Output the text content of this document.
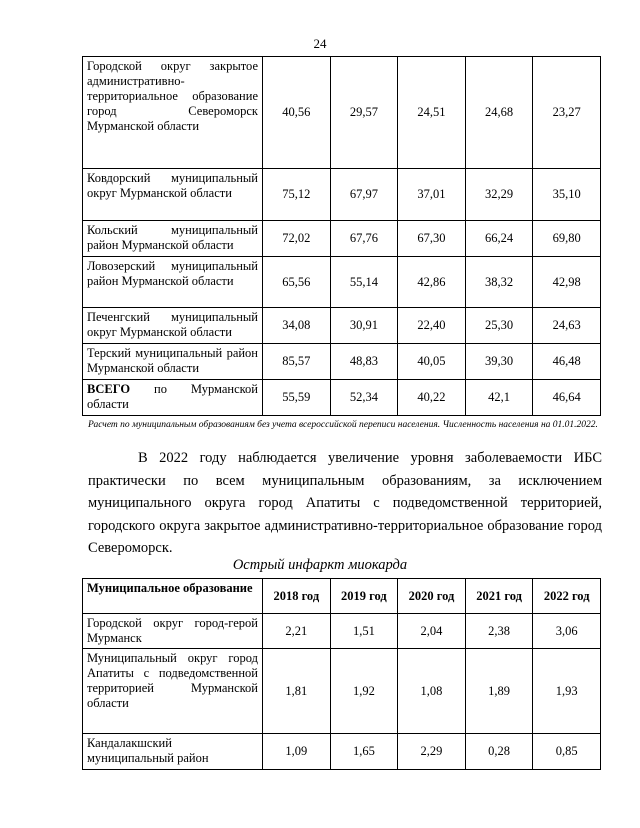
24
Городской округ закрытое административно-территориальное образование город Североморск Мурманской области	40,56	29,57	24,51	24,68	23,27
Ковдорский муниципальный округ Мурманской области	75,12	67,97	37,01	32,29	35,10
Кольский муниципальный район Мурманской области	72,02	67,76	67,30	66,24	69,80
Ловозерский муниципальный район Мурманской области	65,56	55,14	42,86	38,32	42,98
Печенгский муниципальный округ Мурманской области	34,08	30,91	22,40	25,30	24,63
Терский муниципальный район Мурманской области	85,57	48,83	40,05	39,30	46,48
ВСЕГО по Мурманской области	55,59	52,34	40,22	42,1	46,64
Расчет по муниципальным образованиям без учета всероссийской переписи населения. Численность населения на 01.01.2022.
В 2022 году наблюдается увеличение уровня заболеваемости ИБС практически по всем муниципальным образованиям, за исключением муниципального округа город Апатиты с подведомственной территорией, городского округа закрытое административно-территориальное образование город Североморск.
Острый инфаркт миокарда
Муниципальное образование	2018 год	2019 год	2020 год	2021 год	2022 год
Городской округ город-герой Мурманск	2,21	1,51	2,04	2,38	3,06
Муниципальный округ город Апатиты с подведомственной территорией Мурманской области	1,81	1,92	1,08	1,89	1,93
Кандалакшский муниципальный район	1,09	1,65	2,29	0,28	0,85
